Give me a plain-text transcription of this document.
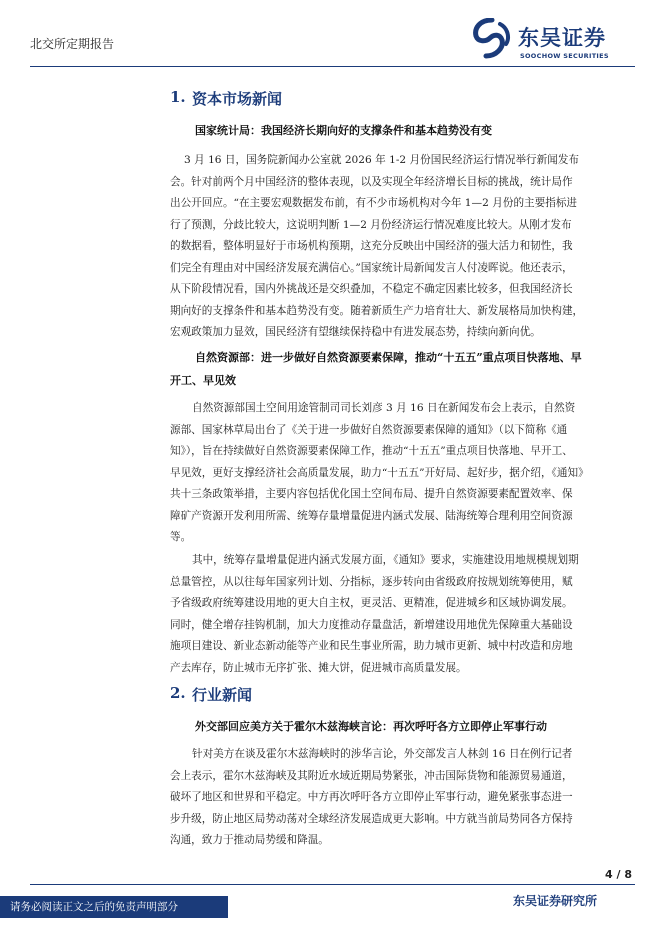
北交所定期报告	东吴证券
SOOCHOW SECURITIES
1. 资本市场新闻
国家统计局：我国经济长期向好的支撑条件和基本趋势没有变
3 月 16 日，国务院新闻办公室就 2026 年 1-2 月份国民经济运行情况举行新闻发布
会。针对前两个月中国经济的整体表现，以及实现全年经济增长目标的挑战，统计局作
出公开回应。“在主要宏观数据发布前，有不少市场机构对今年 1—2 月份的主要指标进
行了预测，分歧比较大，这说明判断 1—2 月份经济运行情况难度比较大。从刚才发布
的数据看，整体明显好于市场机构预期，这充分反映出中国经济的强大活力和韧性，我
们完全有理由对中国经济发展充满信心。”国家统计局新闻发言人付凌晖说。他还表示，
从下阶段情况看，国内外挑战还是交织叠加，不稳定不确定因素比较多，但我国经济长
期向好的支撑条件和基本趋势没有变。随着新质生产力培育壮大、新发展格局加快构建，
宏观政策加力显效，国民经济有望继续保持稳中有进发展态势，持续向新向优。
自然资源部：进一步做好自然资源要素保障，推动“十五五”重点项目快落地、早
开工、早见效
自然资源部国土空间用途管制司司长刘彦 3 月 16 日在新闻发布会上表示，自然资
源部、国家林草局出台了《关于进一步做好自然资源要素保障的通知》（以下简称《通
知》），旨在持续做好自然资源要素保障工作，推动“十五五”重点项目快落地、早开工、
早见效，更好支撑经济社会高质量发展，助力“十五五”开好局、起好步，据介绍，《通知》
共十三条政策举措，主要内容包括优化国土空间布局、提升自然资源要素配置效率、保
障矿产资源开发利用所需、统筹存量增量促进内涵式发展、陆海统筹合理利用空间资源
等。
其中，统筹存量增量促进内涵式发展方面，《通知》要求，实施建设用地规模规划期
总量管控，从以往每年国家列计划、分指标，逐步转向由省级政府按规划统筹使用，赋
予省级政府统筹建设用地的更大自主权，更灵活、更精准，促进城乡和区域协调发展。
同时，健全增存挂钩机制，加大力度推动存量盘活，新增建设用地优先保障重大基础设
施项目建设、新业态新动能等产业和民生事业所需，助力城市更新、城中村改造和房地
产去库存，防止城市无序扩张、摊大饼，促进城市高质量发展。
2. 行业新闻
外交部回应美方关于霍尔木兹海峡言论：再次呼吁各方立即停止军事行动
针对美方在谈及霍尔木兹海峡时的涉华言论，外交部发言人林剑 16 日在例行记者
会上表示，霍尔木兹海峡及其附近水域近期局势紧张，冲击国际货物和能源贸易通道，
破坏了地区和世界和平稳定。中方再次呼吁各方立即停止军事行动，避免紧张事态进一
步升级，防止地区局势动荡对全球经济发展造成更大影响。中方就当前局势同各方保持
沟通，致力于推动局势缓和降温。
4 / 8
东吴证券研究所
请务必阅读正文之后的免责声明部分
